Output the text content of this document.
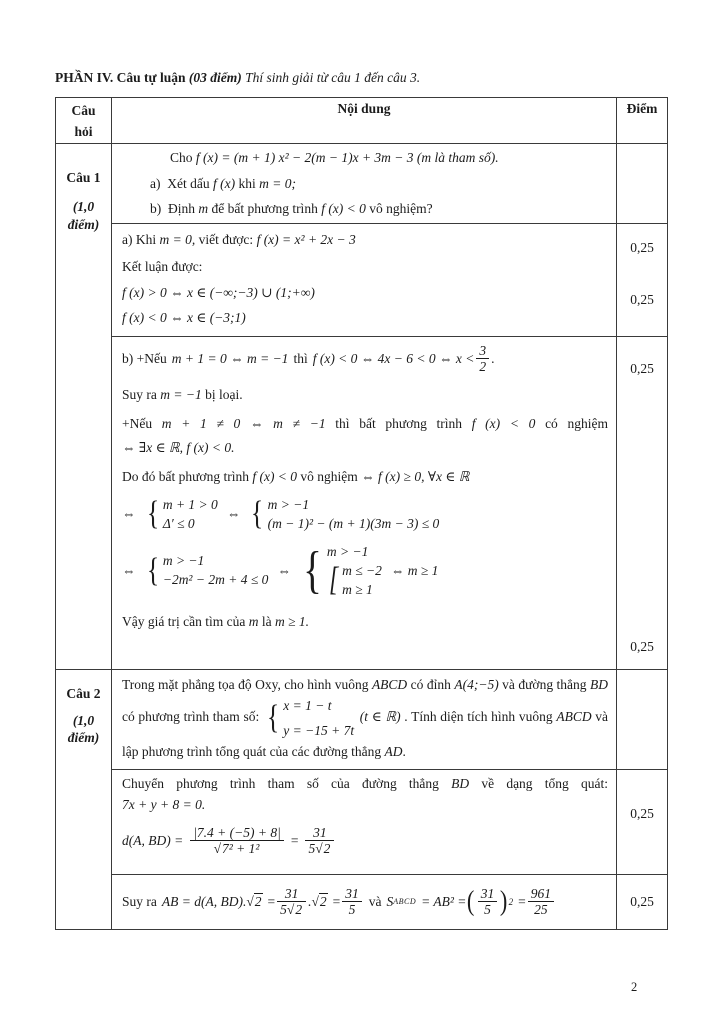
PHẦN IV. Câu tự luận (03 điểm) Thí sinh giải từ câu 1 đến câu 3.
Câu
hỏi
Nội dung	Điểm
Câu 1
(1,0
điểm)
Cho f (x) = (m + 1) x² − 2(m − 1)x + 3m − 3 (m là tham số).
a) Xét dấu f (x) khi m = 0;
b) Định m để bất phương trình f (x) < 0 vô nghiệm?
a) Khi m = 0, viết được: f (x) = x² + 2x − 3
Kết luận được:
f (x) > 0 ⇔ x ∈ (−∞;−3) ∪ (1;+∞)
f (x) < 0 ⇔ x ∈ (−3;1)
0,25
0,25
b) +Nếu m + 1 = 0 ⇔ m = −1 thì f (x) < 0 ⇔ 4x − 6 < 0 ⇔ $x < \frac{3}{2}$ .
Suy ra m = −1 bị loại.
+Nếu m + 1 ≠ 0 ⇔ m ≠ −1 thì bất phương trình f (x) < 0 có nghiệm
⇔ ∃x ∈ ℝ, f (x) < 0.
Do đó bất phương trình f (x) < 0 vô nghiệm ⇔ f (x) ≥ 0, ∀x ∈ ℝ
⇔
{ m + 1 > 0
Δ′ ≤ 0
⇔
{ m > −1
(m − 1)² − (m + 1)(3m − 3) ≤ 0
⇔
{ m > −1
−2m² − 2m + 4 ≤ 0
⇔
{ m > −1
[ m ≤ −2
m ≥ 1
⇔ m ≥ 1
Vậy giá trị cần tìm của m là m ≥ 1.
0,25
0,25
Câu 2
(1,0
điểm)
Trong mặt phẳng tọa độ Oxy, cho hình vuông ABCD có đỉnh A(4;−5) và đường thẳng BD có phương trình tham số:
{ x = 1 − t
y = −15 + 7t
(t ∈ ℝ) . Tính diện tích hình vuông ABCD và lập phương trình tổng quát của các đường thẳng AD.
Chuyển phương trình tham số của đường thẳng BD về dạng tổng quát:
7x + y + 8 = 0.
d(A, BD) = |7.4 + (−5) + 8|
√ $7^2 + 1^2 = \frac{31}{5 √ 2}$
0,25
Suy ra AB = d(A, BD). √ $2 = \frac{31}{5 √ 2}$ . √ $2 = \frac{31}{5}$ và S ABCD = AB² = ( $\frac{31}{5}$ ) $2 = \frac{961}{25}$	0,25
2
